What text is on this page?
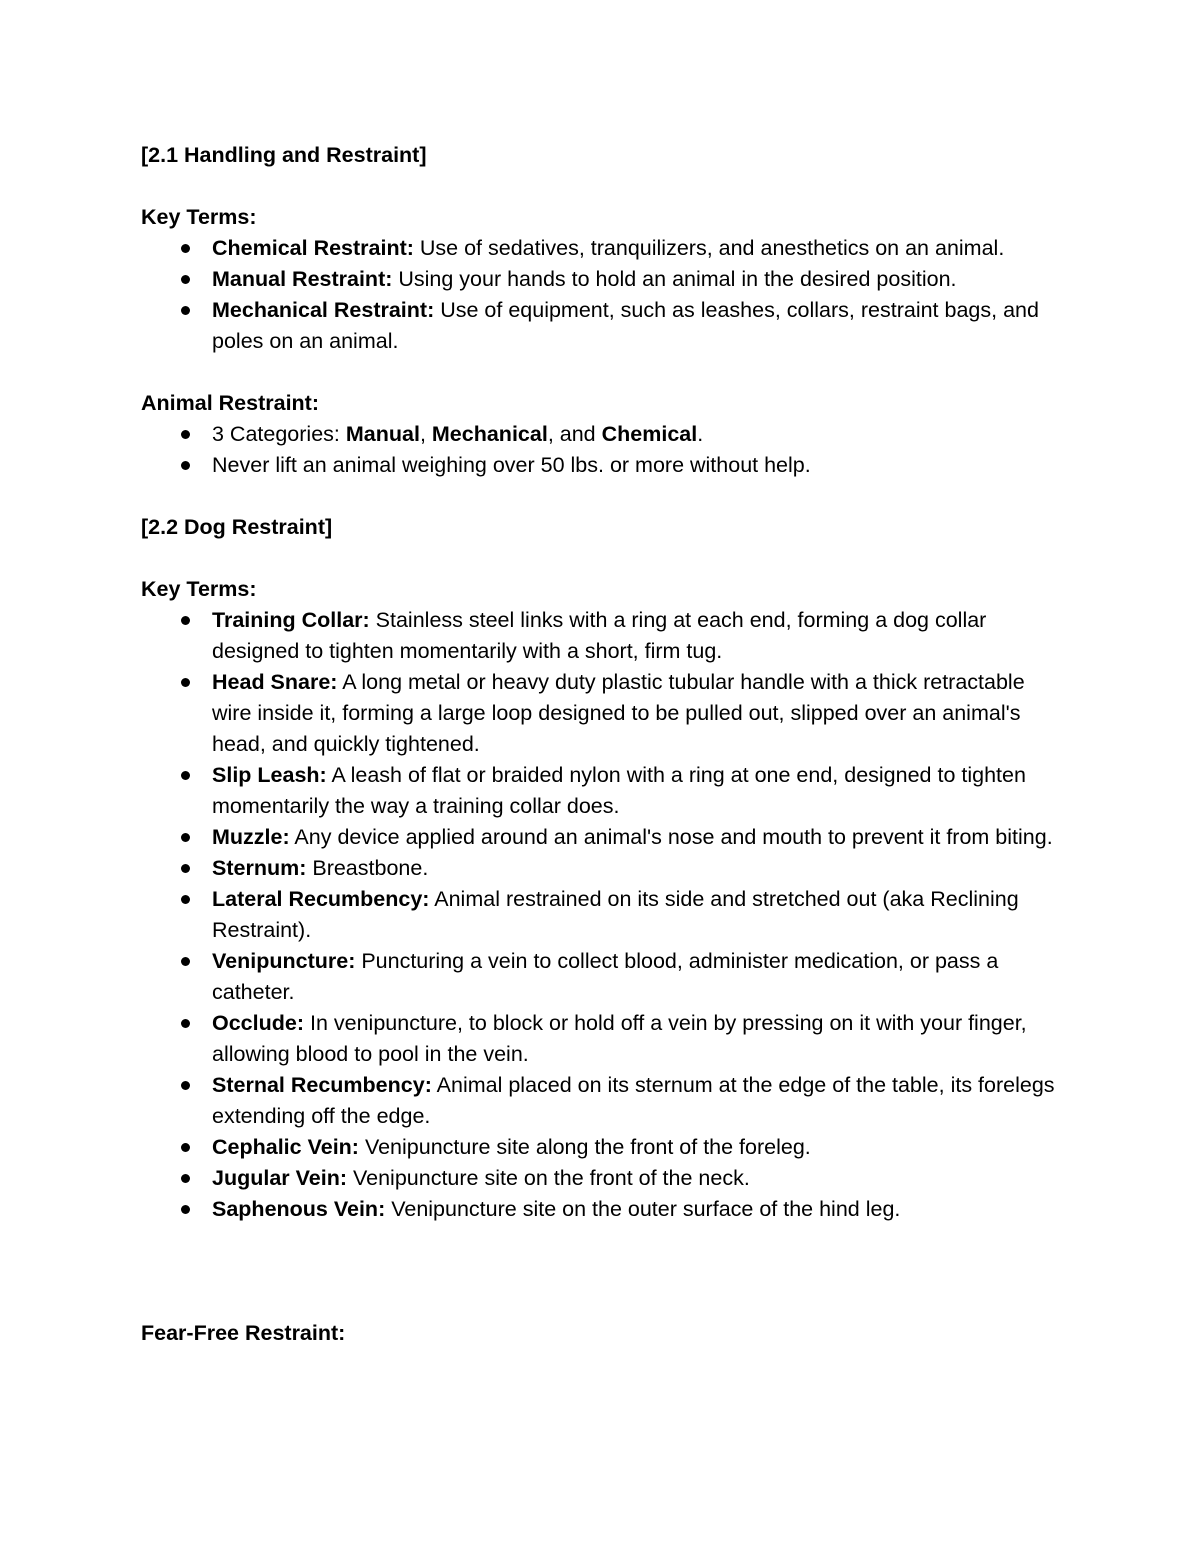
[2.1 Handling and Restraint]
Key Terms:
Chemical Restraint: Use of sedatives, tranquilizers, and anesthetics on an animal.
Manual Restraint: Using your hands to hold an animal in the desired position.
Mechanical Restraint: Use of equipment, such as leashes, collars, restraint bags, and poles on an animal.
Animal Restraint:
3 Categories: Manual, Mechanical, and Chemical.
Never lift an animal weighing over 50 lbs. or more without help.
[2.2 Dog Restraint]
Key Terms:
Training Collar: Stainless steel links with a ring at each end, forming a dog collar designed to tighten momentarily with a short, firm tug.
Head Snare: A long metal or heavy duty plastic tubular handle with a thick retractable wire inside it, forming a large loop designed to be pulled out, slipped over an animal's head, and quickly tightened.
Slip Leash: A leash of flat or braided nylon with a ring at one end, designed to tighten momentarily the way a training collar does.
Muzzle: Any device applied around an animal's nose and mouth to prevent it from biting.
Sternum: Breastbone.
Lateral Recumbency: Animal restrained on its side and stretched out (aka Reclining Restraint).
Venipuncture: Puncturing a vein to collect blood, administer medication, or pass a catheter.
Occlude: In venipuncture, to block or hold off a vein by pressing on it with your finger, allowing blood to pool in the vein.
Sternal Recumbency: Animal placed on its sternum at the edge of the table, its forelegs extending off the edge.
Cephalic Vein: Venipuncture site along the front of the foreleg.
Jugular Vein: Venipuncture site on the front of the neck.
Saphenous Vein: Venipuncture site on the outer surface of the hind leg.
Fear-Free Restraint:
